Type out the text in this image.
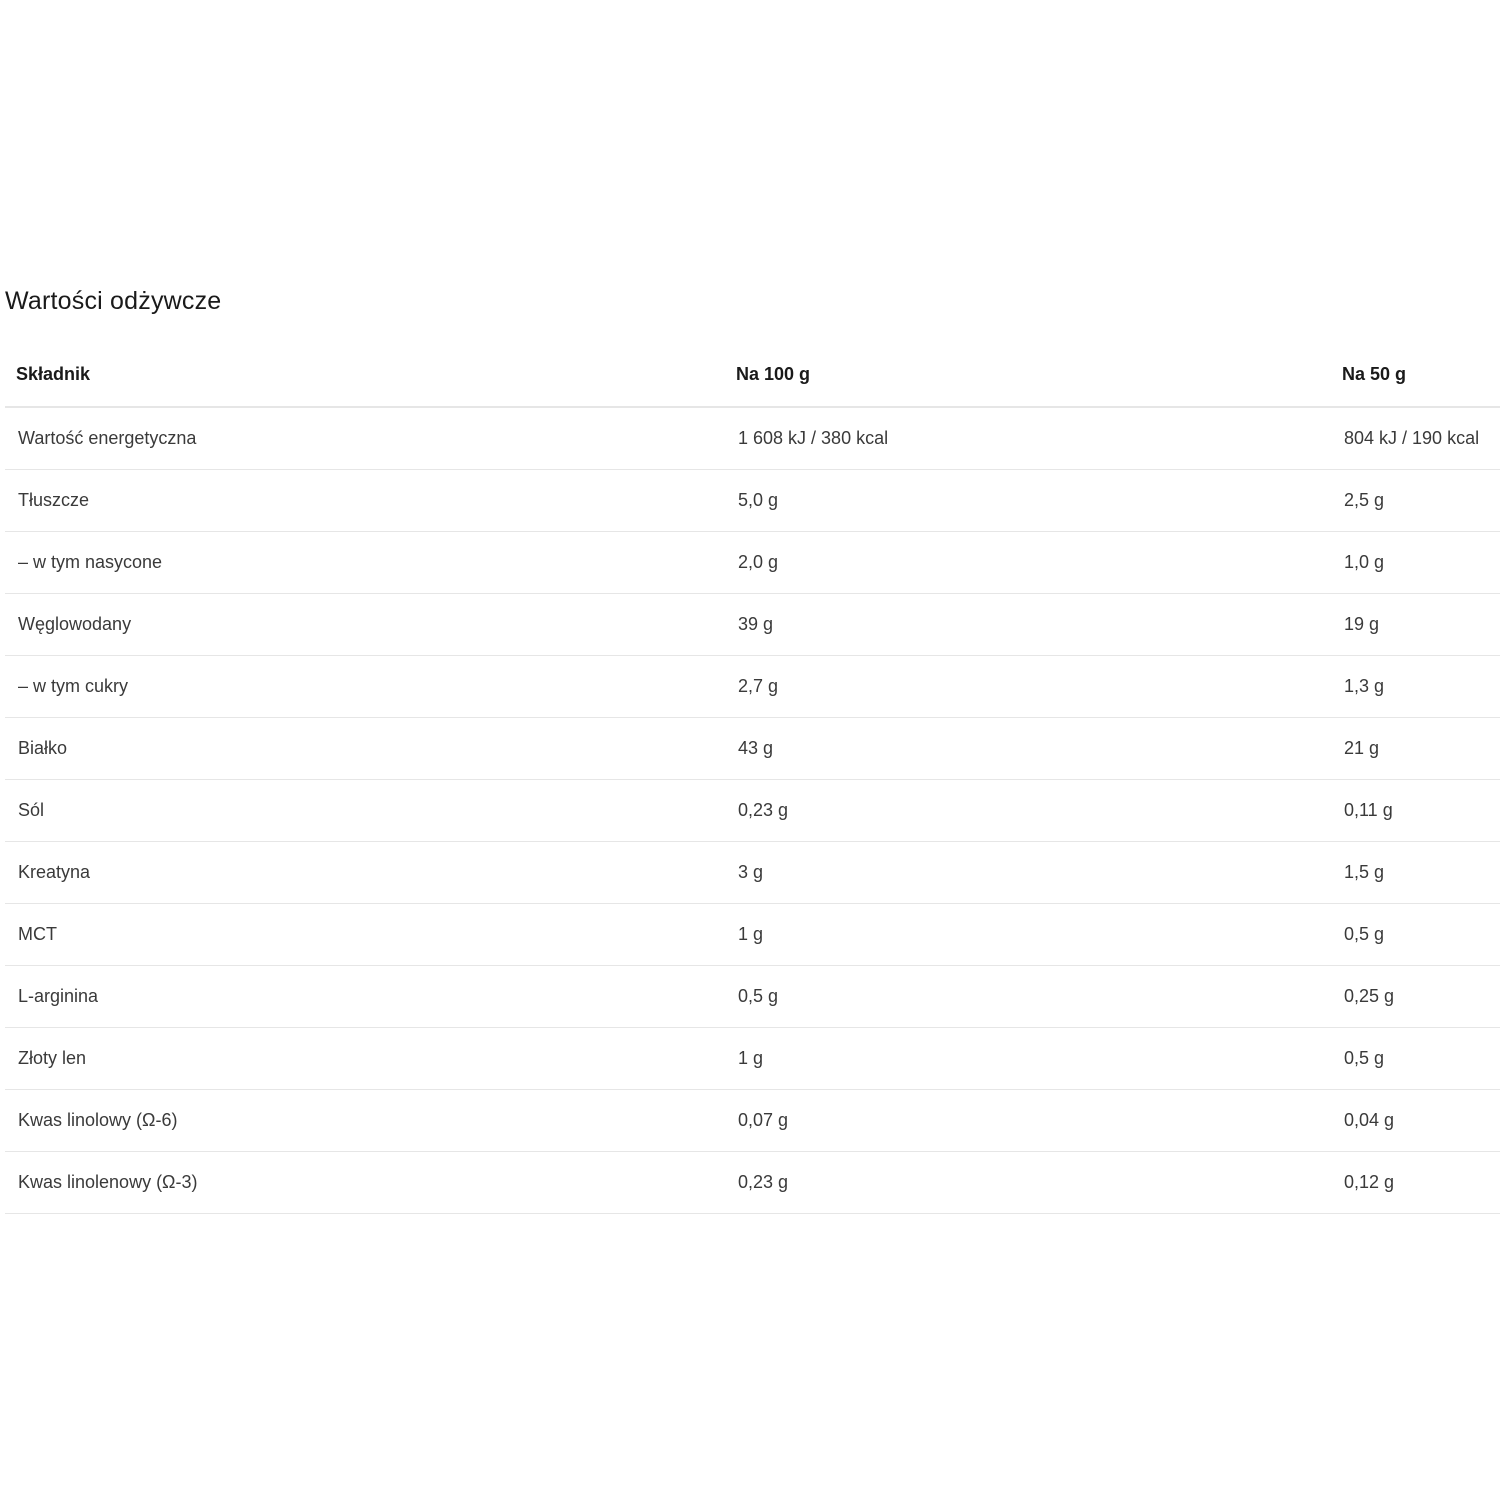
Wartości odżywcze
Składnik	Na 100 g	Na 50 g
Wartość energetyczna	1 608 kJ / 380 kcal	804 kJ / 190 kcal
Tłuszcze	5,0 g	2,5 g
– w tym nasycone	2,0 g	1,0 g
Węglowodany	39 g	19 g
– w tym cukry	2,7 g	1,3 g
Białko	43 g	21 g
Sól	0,23 g	0,11 g
Kreatyna	3 g	1,5 g
MCT	1 g	0,5 g
L-arginina	0,5 g	0,25 g
Złoty len	1 g	0,5 g
Kwas linolowy (Ω-6)	0,07 g	0,04 g
Kwas linolenowy (Ω-3)	0,23 g	0,12 g
